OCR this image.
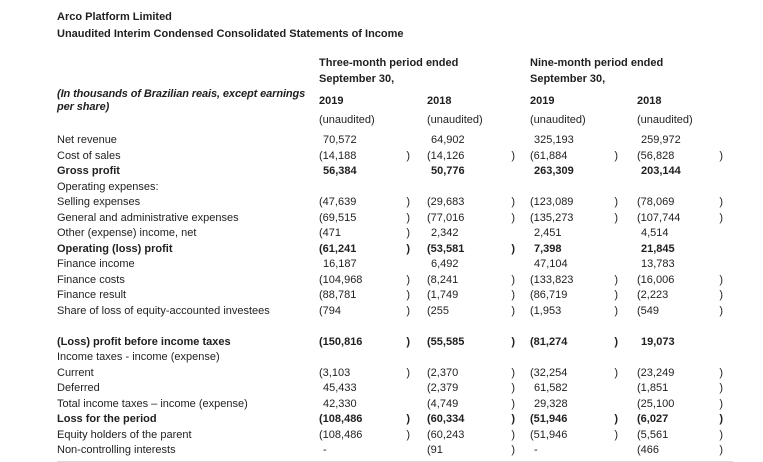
Arco Platform Limited
Unaudited Interim Condensed Consolidated Statements of Income
Three-month period ended September 30,
Nine-month period ended September 30,
(In thousands of Brazilian reais, except earnings per share)	2019	2018	2019	2018
(unaudited)	(unaudited)	(unaudited)	(unaudited)
Net revenue	70,572	64,902	325,193	259,972
Cost of sales	(14,188	) (14,126	) (61,884	) (56,828	)
Gross profit	56,384	50,776	263,309	203,144
Operating expenses:
Selling expenses	(47,639	) (29,683	) (123,089	) (78,069	)
General and administrative expenses	(69,515	) (77,016	) (135,273	) (107,744	)
Other (expense) income, net	(471	)	2,342	2,451	4,514
Operating (loss) profit	(61,241	) (53,581	)	7,398	21,845
Finance income	16,187	6,492	47,104	13,783
Finance costs	(104,968	) (8,241	) (133,823	) (16,006	)
Finance result	(88,781	) (1,749	) (86,719	) (2,223	)
Share of loss of equity-accounted investees	(794	) (255	) (1,953	) (549	)
(Loss) profit before income taxes	(150,816	) (55,585	) (81,274	)	19,073
Income taxes - income (expense)
Current	(3,103	) (2,370	) (32,254	) (23,249	)
Deferred	45,433	(2,379	)	61,582	(1,851	)
Total income taxes – income (expense)	42,330	(4,749	)	29,328	(25,100	)
Loss for the period	(108,486	) (60,334	) (51,946	) (6,027	)
Equity holders of the parent	(108,486	) (60,243	) (51,946	) (5,561	)
Non-controlling interests	-	(91	)	-	(466	)
